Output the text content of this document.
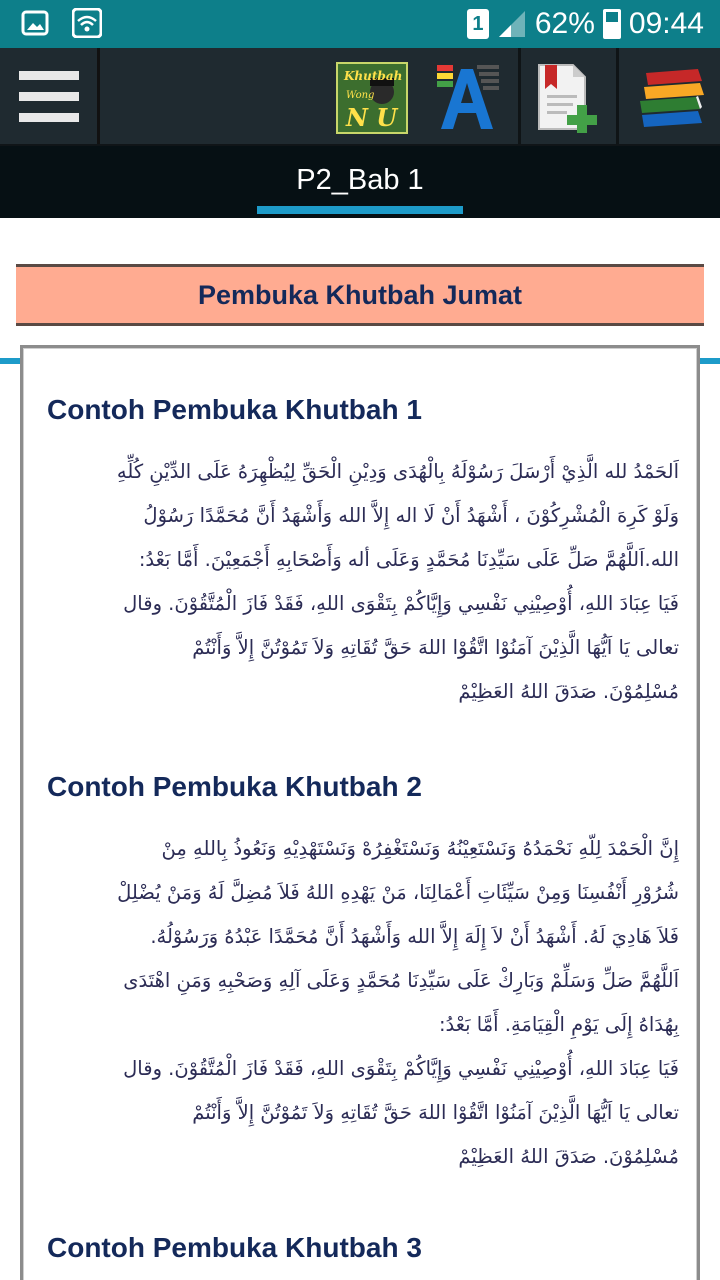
1 62% 09:44
Khutbah
Wong
N U
P2_Bab 1
Pembuka Khutbah Jumat
Contoh Pembuka Khutbah 1

اَلحَمْدُ لله الَّذِيْ أَرْسَلَ رَسُوْلَهُ بِالْهُدَى وَدِيْنِ الْحَقِّ لِيُظْهِرَهُ عَلَى الدِّيْنِ كُلِّهِ

وَلَوْ كَرِهَ الْمُشْرِكُوْنَ ، أَشْهَدُ أَنْ لَا اله إِلاَّ الله وَأَشْهَدُ أَنَّ مُحَمَّدًا رَسُوْلُ

الله.اَللَّهُمَّ صَلِّ عَلَى سَيِّدِنَا مُحَمَّدٍ وَعَلَى أله وَأَصْحَابِهِ أَجْمَعِيْنَ. أَمَّا بَعْدُ:

فَيَا عِبَادَ اللهِ، أُوْصِيْنِي نَفْسِي وَإِيَّاكُمْ بِتَقْوَى اللهِ، فَقَدْ فَازَ الْمُتَّقُوْنَ. وقال

تعالى يَا اَيُّهَا الَّذِيْنَ آمَنُوْا اتَّقُوْا اللهَ حَقَّ تُقَاتِهِ وَلاَ تَمُوْتُنَّ إِلاَّ وَأَنْتُمْ

مُسْلِمُوْنَ. صَدَقَ اللهُ العَظِيْمْ

Contoh Pembuka Khutbah 2

إِنَّ الْحَمْدَ لِلّهِ نَحْمَدُهُ وَنَسْتَعِيْنُهُ وَنَسْتَغْفِرُهْ وَنَسْتَهْدِيْهِ وَنَعُوذُ بِاللهِ مِنْ

شُرُوْرِ أَنْفُسِنَا وَمِنْ سَيِّئَاتِ أَعْمَالِنَا، مَنْ يَهْدِهِ اللهُ فَلاَ مُضِلَّ لَهُ وَمَنْ يُضْلِلْ

فَلاَ هَادِيَ لَهُ. أَشْهَدُ أَنْ لاَ إِلَهَ إِلاَّ الله وَأَشْهَدُ أَنَّ مُحَمَّدًا عَبْدُهُ وَرَسُوْلُهُ.

اَللَّهُمَّ صَلِّ وَسَلِّمْ وَبَارِكْ عَلَى سَيِّدِنَا مُحَمَّدٍ وَعَلَى آلِهِ وَصَحْبِهِ وَمَنِ اهْتَدَى

بِهُدَاهُ إِلَى يَوْمِ الْقِيَامَةِ. أَمَّا بَعْدُ:

فَيَا عِبَادَ اللهِ، أُوْصِيْنِي نَفْسِي وَإِيَّاكُمْ بِتَقْوَى اللهِ، فَقَدْ فَازَ الْمُتَّقُوْنَ. وقال

تعالى يَا اَيُّهَا الَّذِيْنَ آمَنُوْا اتَّقُوْا اللهَ حَقَّ تُقَاتِهِ وَلاَ تَمُوْتُنَّ إِلاَّ وَأَنْتُمْ

مُسْلِمُوْنَ. صَدَقَ اللهُ العَظِيْمْ

Contoh Pembuka Khutbah 3
